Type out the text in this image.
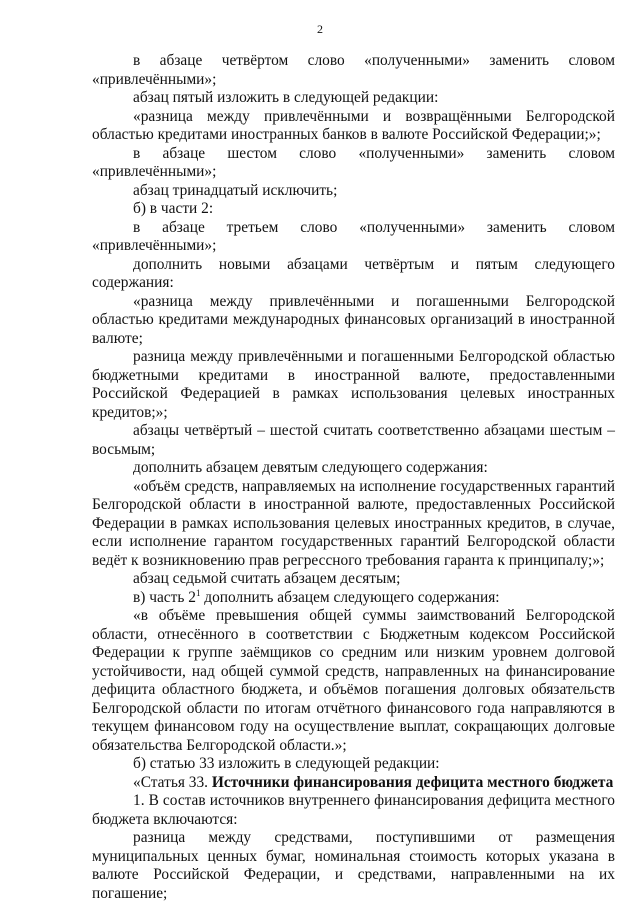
2

в абзаце четвёртом слово «полученными» заменить словом «привлечёнными»;

абзац пятый изложить в следующей редакции:

«разница между привлечёнными и возвращёнными Белгородской областью кредитами иностранных банков в валюте Российской Федерации;»;

в абзаце шестом слово «полученными» заменить словом «привлечёнными»;

абзац тринадцатый исключить;

б) в части 2:

в абзаце третьем слово «полученными» заменить словом «привлечёнными»;

дополнить новыми абзацами четвёртым и пятым следующего содержания:

«разница между привлечёнными и погашенными Белгородской областью кредитами международных финансовых организаций в иностранной валюте;

разница между привлечёнными и погашенными Белгородской областью бюджетными кредитами в иностранной валюте, предоставленными Российской Федерацией в рамках использования целевых иностранных кредитов;»;

абзацы четвёртый – шестой считать соответственно абзацами шестым – восьмым;

дополнить абзацем девятым следующего содержания:

«объём средств, направляемых на исполнение государственных гарантий Белгородской области в иностранной валюте, предоставленных Российской Федерации в рамках использования целевых иностранных кредитов, в случае, если исполнение гарантом государственных гарантий Белгородской области ведёт к возникновению прав регрессного требования гаранта к принципалу;»;

абзац седьмой считать абзацем десятым;

в) часть $2^1$ дополнить абзацем следующего содержания:

«в объёме превышения общей суммы заимствований Белгородской области, отнесённого в соответствии с Бюджетным кодексом Российской Федерации к группе заёмщиков со средним или низким уровнем долговой устойчивости, над общей суммой средств, направленных на финансирование дефицита областного бюджета, и объёмов погашения долговых обязательств Белгородской области по итогам отчётного финансового года направляются в текущем финансовом году на осуществление выплат, сокращающих долговые обязательства Белгородской области.»;

б) статью 33 изложить в следующей редакции:

«Статья 33. Источники финансирования дефицита местного бюджета

1. В состав источников внутреннего финансирования дефицита местного бюджета включаются:

разница между средствами, поступившими от размещения муниципальных ценных бумаг, номинальная стоимость которых указана в валюте Российской Федерации, и средствами, направленными на их погашение;
